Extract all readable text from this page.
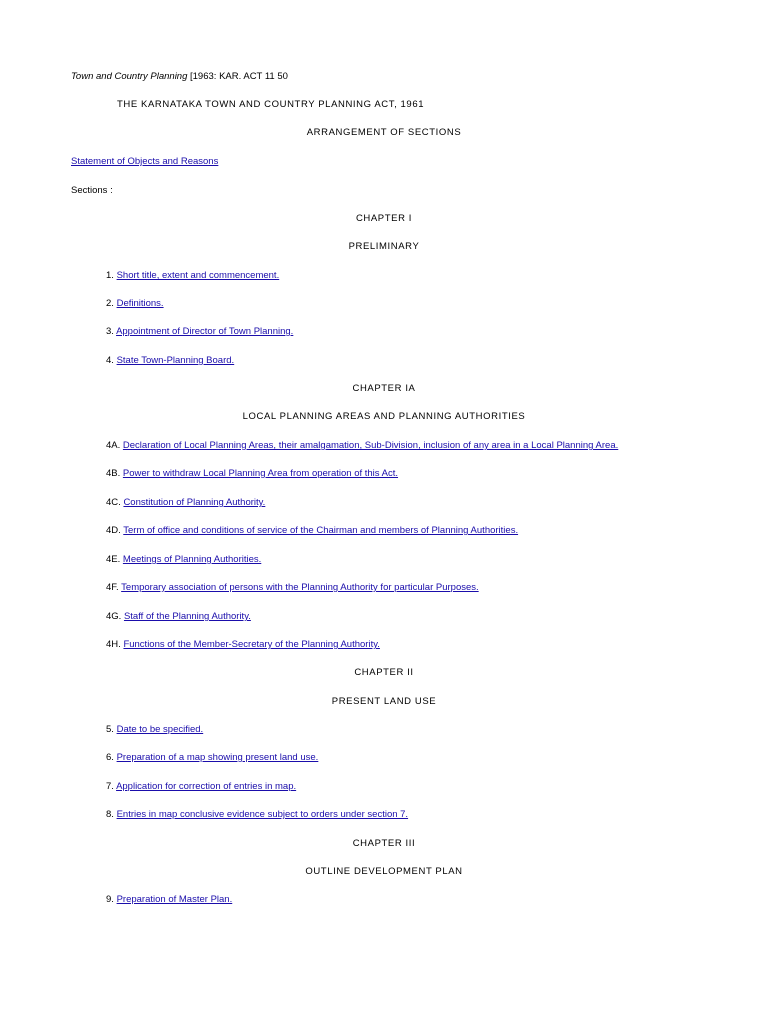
Town and Country Planning [1963: KAR. ACT 11 50
THE KARNATAKA TOWN AND COUNTRY PLANNING ACT, 1961
ARRANGEMENT OF SECTIONS
Statement of Objects and Reasons
Sections :
CHAPTER I
PRELIMINARY
1. Short title, extent and commencement.
2. Definitions.
3. Appointment of Director of Town Planning.
4. State Town-Planning Board.
CHAPTER IA
LOCAL PLANNING AREAS AND PLANNING AUTHORITIES
4A. Declaration of Local Planning Areas, their amalgamation, Sub-Division, inclusion of any area in a Local Planning Area.
4B. Power to withdraw Local Planning Area from operation of this Act.
4C. Constitution of Planning Authority.
4D. Term of office and conditions of service of the Chairman and members of Planning Authorities.
4E. Meetings of Planning Authorities.
4F. Temporary association of persons with the Planning Authority for particular Purposes.
4G. Staff of the Planning Authority.
4H. Functions of the Member-Secretary of the Planning Authority.
CHAPTER II
PRESENT LAND USE
5. Date to be specified.
6. Preparation of a map showing present land use.
7. Application for correction of entries in map.
8. Entries in map conclusive evidence subject to orders under section 7.
CHAPTER III
OUTLINE DEVELOPMENT PLAN
9. Preparation of Master Plan.
